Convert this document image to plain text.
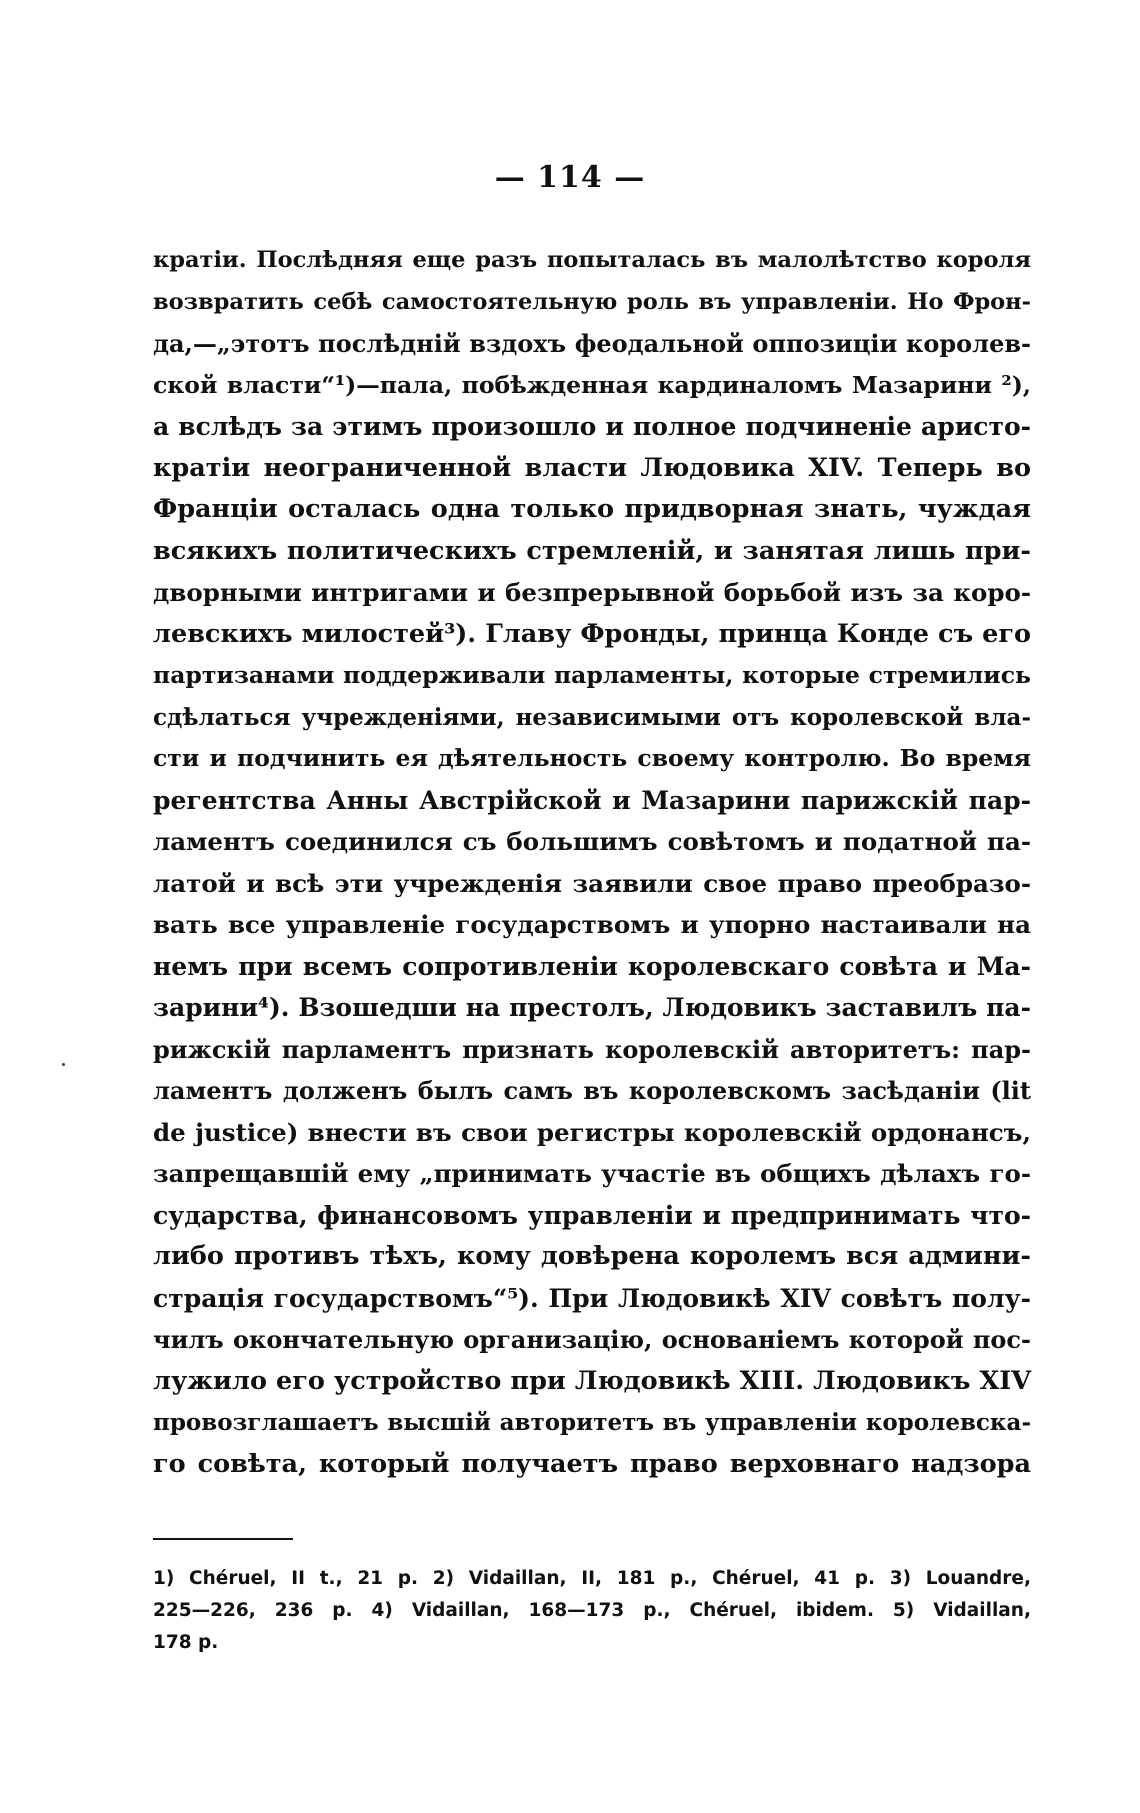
— 114 —
кратіи. Послѣдняя еще разъ попыталась въ малолѣтство короля
возвратить себѣ самостоятельную роль въ управленіи. Но Фрон-
да,—„этотъ послѣдній вздохъ феодальной оппозиціи королев-
ской власти“¹)—пала, побѣжденная кардиналомъ Мазарини ²),
а вслѣдъ за этимъ произошло и полное подчиненіе аристо-
кратіи неограниченной власти Людовика XIV. Теперь во
Франціи осталась одна только придворная знать, чуждая
всякихъ политическихъ стремленій, и занятая лишь при-
дворными интригами и безпрерывной борьбой изъ за коро-
левскихъ милостей³). Главу Фронды, принца Конде съ его
партизанами поддерживали парламенты, которые стремились
сдѣлаться учрежденіями, независимыми отъ королевской вла-
сти и подчинить ея дѣятельность своему контролю. Во время
регентства Анны Австрійской и Мазарини парижскій пар-
ламентъ соединился съ большимъ совѣтомъ и податной па-
латой и всѣ эти учрежденія заявили свое право преобразо-
вать все управленіе государствомъ и упорно настаивали на
немъ при всемъ сопротивленіи королевскаго совѣта и Ма-
зарини⁴). Взошедши на престолъ, Людовикъ заставилъ па-
рижскій парламентъ признать королевскій авторитетъ: пар-
ламентъ долженъ былъ самъ въ королевскомъ засѣданіи (lit
de justice) внести въ свои регистры королевскій ордонансъ,
запрещавшій ему „принимать участіе въ общихъ дѣлахъ го-
сударства, финансовомъ управленіи и предпринимать что-
либо противъ тѣхъ, кому довѣрена королемъ вся админи-
страція государствомъ“⁵). При Людовикѣ XIV совѣтъ полу-
чилъ окончательную организацію, основаніемъ которой пос-
лужило его устройство при Людовикѣ XIII. Людовикъ XIV
провозглашаетъ высшій авторитетъ въ управленіи королевска-
го совѣта, который получаетъ право верховнаго надзора
1) Chéruel, II t., 21 p. 2) Vidaillan, II, 181 p., Chéruel, 41 p. 3) Louandre,
225—226, 236 p. 4) Vidaillan, 168—173 p., Chéruel, ibidem. 5) Vidaillan,
178 p.
